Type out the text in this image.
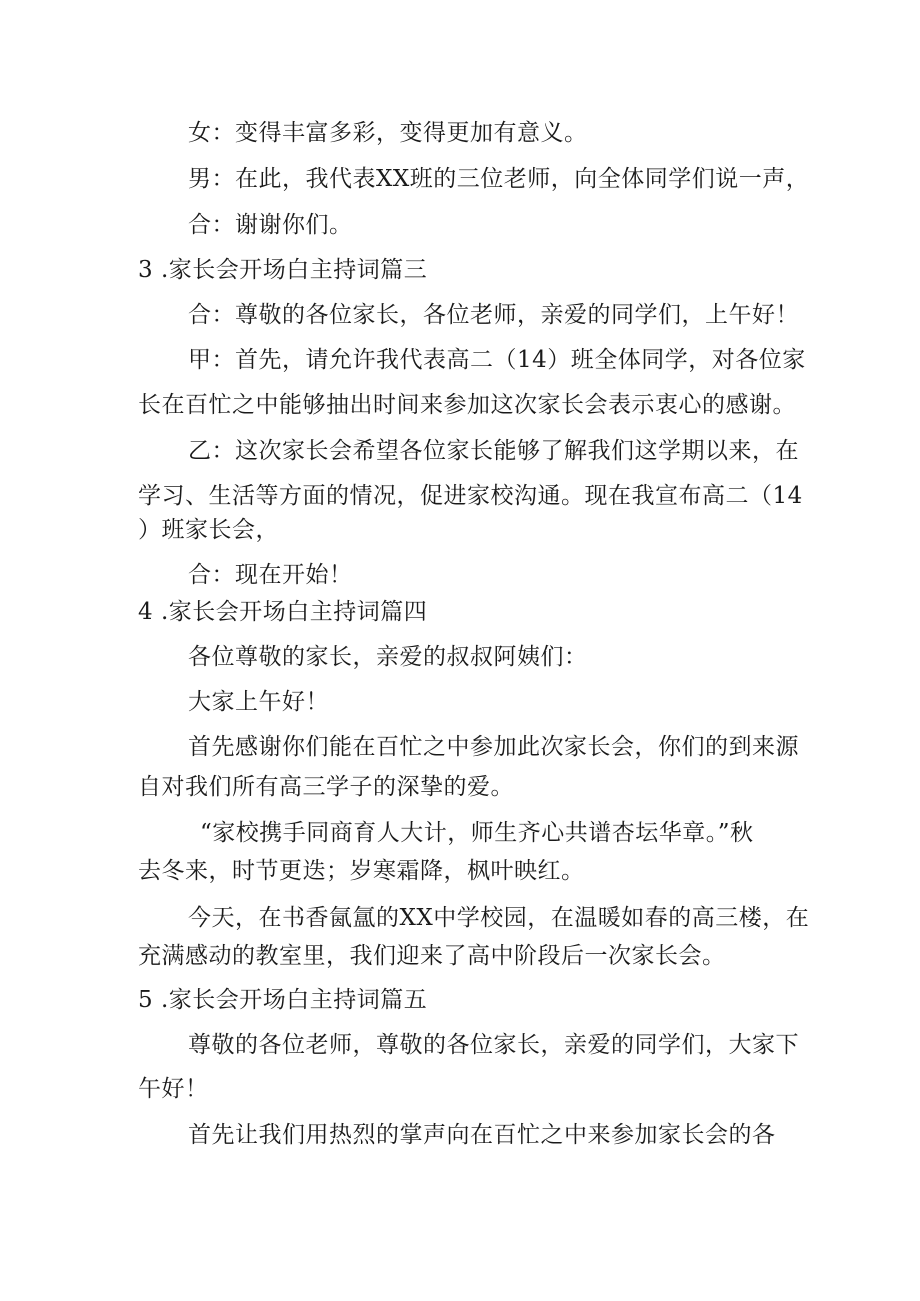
女：变得丰富多彩，变得更加有意义。
男：在此，我代表XX班的三位老师，向全体同学们说一声，
合：谢谢你们。
3 .家长会开场白主持词篇三
合：尊敬的各位家长，各位老师，亲爱的同学们，上午好！
甲：首先，请允许我代表高二（14）班全体同学，对各位家
长在百忙之中能够抽出时间来参加这次家长会表示衷心的感谢。
乙：这次家长会希望各位家长能够了解我们这学期以来，在
学习、生活等方面的情况，促进家校沟通。现在我宣布高二（14
）班家长会，
合：现在开始！
4 .家长会开场白主持词篇四
各位尊敬的家长，亲爱的叔叔阿姨们：
大家上午好！
首先感谢你们能在百忙之中参加此次家长会，你们的到来源
自对我们所有高三学子的深挚的爱。
“家校携手同商育人大计，师生齐心共谱杏坛华章。”秋
去冬来，时节更迭；岁寒霜降，枫叶映红。
今天，在书香氤氲的XX中学校园，在温暖如春的高三楼，在
充满感动的教室里，我们迎来了高中阶段后一次家长会。
5 .家长会开场白主持词篇五
尊敬的各位老师，尊敬的各位家长，亲爱的同学们，大家下
午好！
首先让我们用热烈的掌声向在百忙之中来参加家长会的各
